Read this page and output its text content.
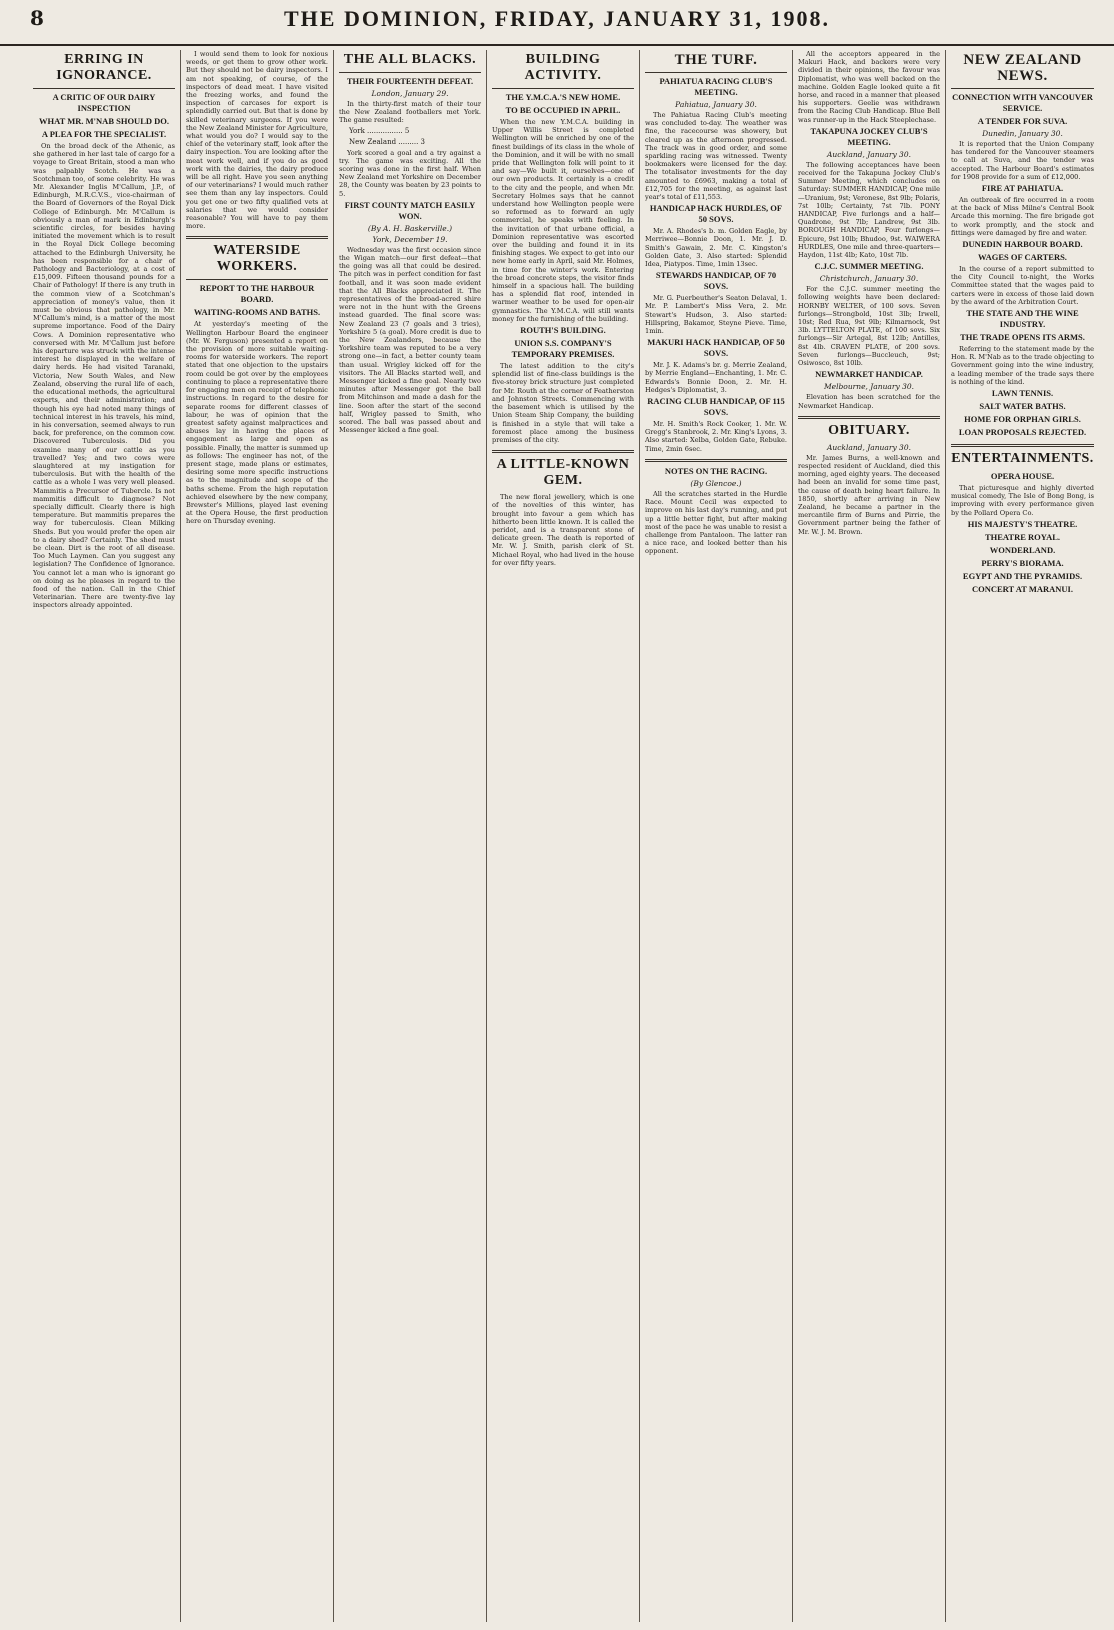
8	THE DOMINION, FRIDAY, JANUARY 31, 1908.
ERRING IN IGNORANCE.
A CRITIC OF OUR DAIRY INSPECTION
WHAT MR. M'NAB SHOULD DO.
A PLEA FOR THE SPECIALIST.

On the broad deck of the Athenic, as she gathered in her last tale of cargo for a voyage to Great Britain, stood a man who was palpably Scotch. He was a Scotchman too, of some celebrity. He was Mr. Alexander Inglis M'Callum, J.P., of Edinburgh, M.R.C.V.S., vice-chairman of the Board of Governors of the Royal Dick College of Edinburgh. Mr. M'Callum is obviously a man of mark in Edinburgh's scientific circles, for besides having initiated the movement which is to result in the Royal Dick College becoming attached to the Edinburgh University, he has been responsible for a chair of Pathology and Bacteriology, at a cost of £15,009. Fifteen thousand pounds for a Chair of Pathology! If there is any truth in the common view of a Scotchman's appreciation of money's value, then it must be obvious that pathology, in Mr. M'Callum's mind, is a matter of the most supreme importance. Food of the Dairy Cows. A Dominion representative who conversed with Mr. M'Callum just before his departure was struck with the intense interest he displayed in the welfare of dairy herds. He had visited Taranaki, Victoria, New South Wales, and New Zealand, observing the rural life of each, the educational methods, the agricultural experts, and their administration; and though his eye had noted many things of technical interest in his travels, his mind, in his conversation, seemed always to run back, for preference, on the common cow. Discovered Tuberculosis. Did you examine many of our cattle as you travelled? Yes; and two cows were slaughtered at my instigation for tuberculosis. But with the health of the cattle as a whole I was very well pleased. Mammitis a Precursor of Tubercle. Is not mammitis difficult to diagnose? Not specially difficult. Clearly there is high temperature. But mammitis prepares the way for tuberculosis. Clean Milking Sheds. But you would prefer the open air to a dairy shed? Certainly. The shed must be clean. Dirt is the root of all disease. Too Much Laymen. Can you suggest any legislation? The Confidence of Ignorance. You cannot let a man who is ignorant go on doing as he pleases in regard to the food of the nation. Call in the Chief Veterinarian. There are twenty-five lay inspectors already appointed.

I would send them to look for noxious weeds, or get them to grow other work. But they should not be dairy inspectors. I am not speaking, of course, of the inspectors of dead meat. I have visited the freezing works, and found the inspection of carcases for export is splendidly carried out. But that is done by skilled veterinary surgeons. If you were the New Zealand Minister for Agriculture, what would you do? I would say to the chief of the veterinary staff, look after the dairy inspection. You are looking after the meat work well, and if you do as good work with the dairies, the dairy produce will be all right. Have you seen anything of our veterinarians? I would much rather see them than any lay inspectors. Could you get one or two fifty qualified vets at salaries that we would consider reasonable? You will have to pay them more.

WATERSIDE WORKERS.
REPORT TO THE HARBOUR BOARD.
WAITING-ROOMS AND BATHS.

At yesterday's meeting of the Wellington Harbour Board the engineer (Mr. W. Ferguson) presented a report on the provision of more suitable waiting-rooms for waterside workers. The report stated that one objection to the upstairs room could be got over by the employees continuing to place a representative there for engaging men on receipt of telephonic instructions. In regard to the desire for separate rooms for different classes of labour, he was of opinion that the greatest safety against malpractices and abuses lay in having the places of engagement as large and open as possible. Finally, the matter is summed up as follows: The engineer has not, of the present stage, made plans or estimates, desiring some more specific instructions as to the magnitude and scope of the baths scheme. From the high reputation achieved elsewhere by the new company, Brewster's Millions, played last evening at the Opera House, the first production here on Thursday evening.

THE ALL BLACKS.
THEIR FOURTEENTH DEFEAT.
London, January 29.

In the thirty-first match of their tour the New Zealand footballers met York. The game resulted:

York ................ 5
New Zealand ......... 3

York scored a goal and a try against a try. The game was exciting. All the scoring was done in the first half. When New Zealand met Yorkshire on December 28, the County was beaten by 23 points to 5.

FIRST COUNTY MATCH EASILY WON.
(By A. H. Baskerville.)
York, December 19.

Wednesday was the first occasion since the Wigan match—our first defeat—that the going was all that could be desired. The pitch was in perfect condition for fast football, and it was soon made evident that the All Blacks appreciated it. The representatives of the broad-acred shire were not in the hunt with the Greens instead guarded. The final score was: New Zealand 23 (7 goals and 3 tries), Yorkshire 5 (a goal). More credit is due to the New Zealanders, because the Yorkshire team was reputed to be a very strong one—in fact, a better county team than usual. Wrigley kicked off for the visitors. The All Blacks started well, and Messenger kicked a fine goal. Nearly two minutes after Messenger got the ball from Mitchinson and made a dash for the line. Soon after the start of the second half, Wrigley passed to Smith, who scored. The ball was passed about and Messenger kicked a fine goal.

BUILDING ACTIVITY.
THE Y.M.C.A.'S NEW HOME.
TO BE OCCUPIED IN APRIL.

When the new Y.M.C.A. building in Upper Willis Street is completed Wellington will be enriched by one of the finest buildings of its class in the whole of the Dominion, and it will be with no small pride that Wellington folk will point to it and say—We built it, ourselves—one of our own products. It certainly is a credit to the city and the people, and when Mr. Secretary Holmes says that he cannot understand how Wellington people were so reformed as to forward an ugly commercial, he speaks with feeling. In the invitation of that urbane official, a Dominion representative was escorted over the building and found it in its finishing stages. We expect to get into our new home early in April, said Mr. Holmes, in time for the winter's work. Entering the broad concrete steps, the visitor finds himself in a spacious hall. The building has a splendid flat roof, intended in warmer weather to be used for open-air gymnastics. The Y.M.C.A. will still wants money for the furnishing of the building.

ROUTH'S BUILDING.
UNION S.S. COMPANY'S TEMPORARY PREMISES.

The latest addition to the city's splendid list of fine-class buildings is the five-storey brick structure just completed for Mr. Routh at the corner of Featherston and Johnston Streets. Commencing with the basement which is utilised by the Union Steam Ship Company, the building is finished in a style that will take a foremost place among the business premises of the city.

A LITTLE-KNOWN GEM.

The new floral jewellery, which is one of the novelties of this winter, has brought into favour a gem which has hitherto been little known. It is called the peridot, and is a transparent stone of delicate green. The death is reported of Mr. W. J. Smith, parish clerk of St. Michael Royal, who had lived in the house for over fifty years.

THE TURF.
PAHIATUA RACING CLUB'S MEETING.
Pahiatua, January 30.

The Pahiatua Racing Club's meeting was concluded to-day. The weather was fine, the racecourse was showery, but cleared up as the afternoon progressed. The track was in good order, and some sparkling racing was witnessed. Twenty bookmakers were licensed for the day. The totalisator investments for the day amounted to £6963, making a total of £12,705 for the meeting, as against last year's total of £11,553.

HANDICAP HACK HURDLES, OF 50 SOVS.

Mr. A. Rhodes's b. m. Golden Eagle, by Merriwee—Bonnie Doon, 1. Mr. J. D. Smith's Gawain, 2. Mr. C. Kingston's Golden Gate, 3. Also started: Splendid Idea, Piatypos. Time, 1min 13sec.

STEWARDS HANDICAP, OF 70 SOVS.

Mr. G. Puerbeuther's Seaton Delaval, 1. Mr. P. Lambert's Miss Vera, 2. Mr. Stewart's Hudson, 3. Also started: Hillspring, Bakamor, Steyne Pieve. Time, 1min.

MAKURI HACK HANDICAP, OF 50 SOVS.

Mr. J. K. Adams's br. g. Merrie Zealand, by Merrie England—Enchanting, 1. Mr. C. Edwards's Bonnie Doon, 2. Mr. H. Hedges's Diplomatist, 3.

RACING CLUB HANDICAP, OF 115 SOVS.

Mr. H. Smith's Rock Cooker, 1. Mr. W. Gregg's Stanbrook, 2. Mr. King's Lyons, 3. Also started: Xelba, Golden Gate, Rebuke. Time, 2min 6sec.

NOTES ON THE RACING.
(By Glencoe.)

All the scratches started in the Hurdle Race. Mount Cecil was expected to improve on his last day's running, and put up a little better fight, but after making most of the pace he was unable to resist a challenge from Pantaloon. The latter ran a nice race, and looked better than his opponent.

All the acceptors appeared in the Makuri Hack, and backers were very divided in their opinions, the favour was Diplomatist, who was well backed on the machine. Golden Eagle looked quite a fit horse, and raced in a manner that pleased his supporters. Geelie was withdrawn from the Racing Club Handicap. Blue Bell was runner-up in the Hack Steeplechase.

TAKAPUNA JOCKEY CLUB'S MEETING.
Auckland, January 30.

The following acceptances have been received for the Takapuna Jockey Club's Summer Meeting, which concludes on Saturday: SUMMER HANDICAP, One mile—Uranium, 9st; Veronese, 8st 9lb; Polaris, 7st 10lb; Certainty, 7st 7lb. PONY HANDICAP, Five furlongs and a half—Quadrone, 9st 7lb; Landrew, 9st 3lb. BOROUGH HANDICAP, Four furlongs—Epicure, 9st 10lb; Bhudoo, 9st. WAIWERA HURDLES, One mile and three-quarters—Haydon, 11st 4lb; Kato, 10st 7lb.

C.J.C. SUMMER MEETING.
Christchurch, January 30.

For the C.J.C. summer meeting the following weights have been declared: HORNBY WELTER, of 100 sovs. Seven furlongs—Strongbold, 10st 3lb; Irwell, 10st; Red Rua, 9st 9lb; Kilmarnock, 9st 3lb. LYTTELTON PLATE, of 100 sovs. Six furlongs—Sir Artegal, 8st 12lb; Antilles, 8st 4lb. CRAVEN PLATE, of 200 sovs. Seven furlongs—Buccleuch, 9st; Osiwosco, 8st 10lb.

NEWMARKET HANDICAP.
Melbourne, January 30.

Elevation has been scratched for the Newmarket Handicap.

OBITUARY.
Auckland, January 30.

Mr. James Burns, a well-known and respected resident of Auckland, died this morning, aged eighty years. The deceased had been an invalid for some time past, the cause of death being heart failure. In 1850, shortly after arriving in New Zealand, he became a partner in the mercantile firm of Burns and Pirrie, the Government partner being the father of Mr. W. J. M. Brown.

NEW ZEALAND NEWS.
CONNECTION WITH VANCOUVER SERVICE.
A TENDER FOR SUVA.
Dunedin, January 30.

It is reported that the Union Company has tendered for the Vancouver steamers to call at Suva, and the tender was accepted. The Harbour Board's estimates for 1908 provide for a sum of £12,000.

FIRE AT PAHIATUA.

An outbreak of fire occurred in a room at the back of Miss Milne's Central Book Arcade this morning. The fire brigade got to work promptly, and the stock and fittings were damaged by fire and water.

DUNEDIN HARBOUR BOARD.
WAGES OF CARTERS.

In the course of a report submitted to the City Council to-night, the Works Committee stated that the wages paid to carters were in excess of those laid down by the award of the Arbitration Court.

THE STATE AND THE WINE INDUSTRY.
THE TRADE OPENS ITS ARMS.

Referring to the statement made by the Hon. R. M'Nab as to the trade objecting to Government going into the wine industry, a leading member of the trade says there is nothing of the kind.

LAWN TENNIS.
SALT WATER BATHS.
HOME FOR ORPHAN GIRLS.
LOAN PROPOSALS REJECTED.
ENTERTAINMENTS.
OPERA HOUSE.

That picturesque and highly diverted musical comedy, The Isle of Bong Bong, is improving with every performance given by the Pollard Opera Co.

HIS MAJESTY'S THEATRE.
THEATRE ROYAL.
WONDERLAND.
PERRY'S BIORAMA.
EGYPT AND THE PYRAMIDS.
CONCERT AT MARANUI.
